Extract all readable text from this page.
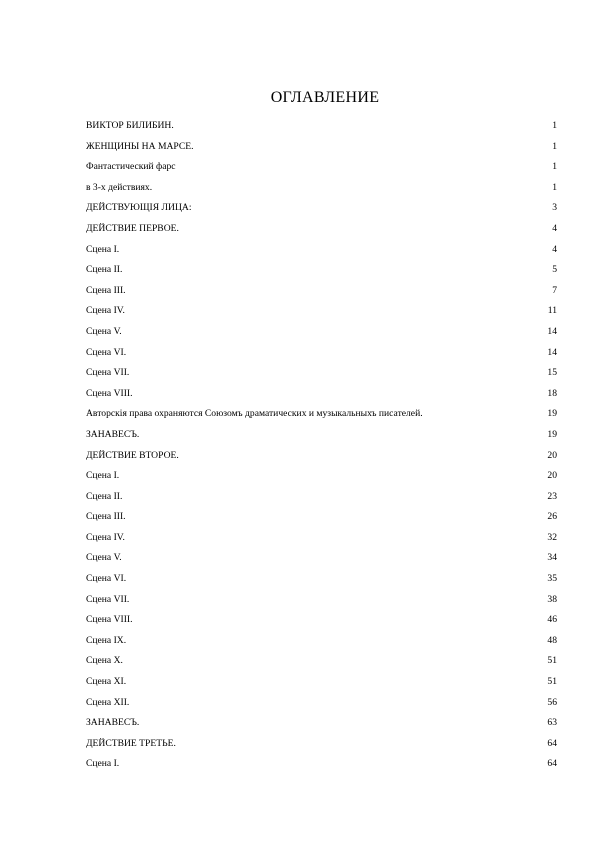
ОГЛАВЛЕНИЕ
ВИКТОР БИЛИБИН.	1
ЖЕНЩИНЫ НА МАРСЕ.	1
Фантастический фарс	1
в 3-х действиях.	1
ДЕЙСТВУЮЩІЯ ЛИЦА:	3
ДЕЙСТВИЕ ПЕРВОЕ.	4
Сцена I.	4
Сцена II.	5
Сцена III.	7
Сцена IV.	11
Сцена V.	14
Сцена VI.	14
Сцена VII.	15
Сцена VIII.	18
Авторскія права охраняются Союзомъ драматических и музыкальныхъ писателей.	19
ЗАНАВЕСЪ.	19
ДЕЙСТВИЕ ВТОРОЕ.	20
Сцена I.	20
Сцена II.	23
Сцена III.	26
Сцена IV.	32
Сцена V.	34
Сцена VI.	35
Сцена VII.	38
Сцена VIII.	46
Сцена IX.	48
Сцена X.	51
Сцена XI.	51
Сцена XII.	56
ЗАНАВЕСЪ.	63
ДЕЙСТВИЕ ТРЕТЬЕ.	64
Сцена I.	64
